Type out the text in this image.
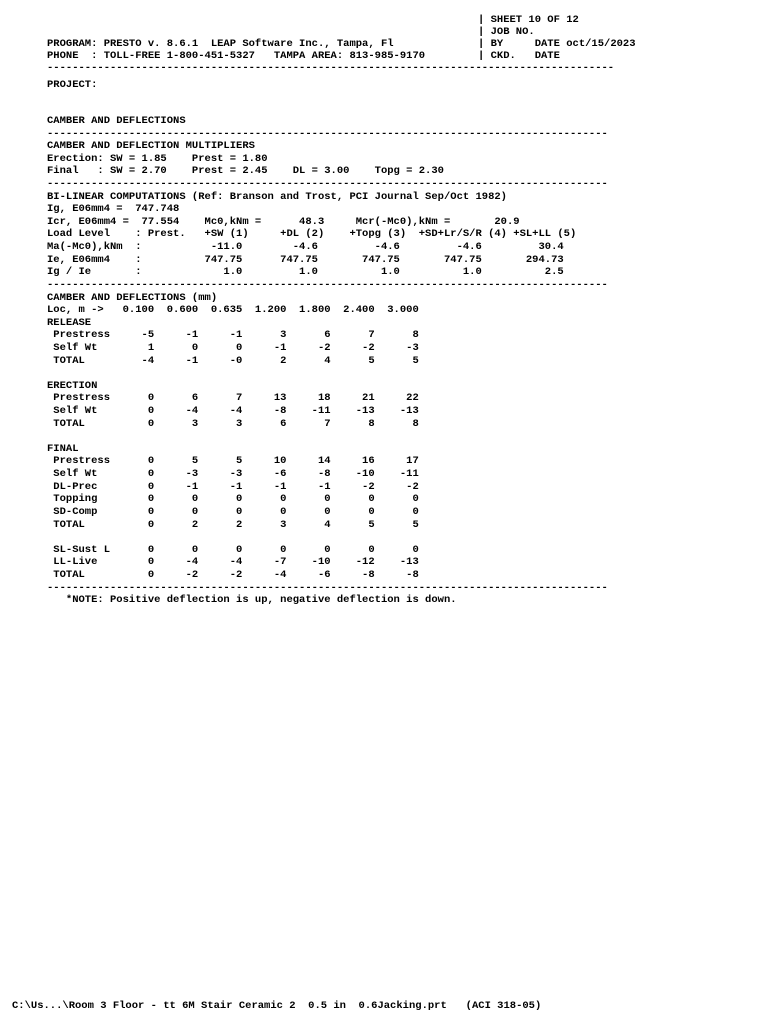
PROGRAM: PRESTO v. 8.6.1  LEAP Software Inc., Tampa, Fl
PHONE  : TOLL-FREE 1-800-451-5327   TAMPA AREA: 813-985-9170
------------------------------------------------------------------------------------------
| SHEET 10 OF 12
| JOB NO.
| BY     DATE oct/15/2023
| CKD.   DATE
PROJECT:
CAMBER AND DEFLECTIONS
-----------------------------------------------------------------------------------------
CAMBER AND DEFLECTION MULTIPLIERS
Erection: SW = 1.85    Prest = 1.80
Final   : SW = 2.70    Prest = 2.45    DL = 3.00    Topg = 2.30
-----------------------------------------------------------------------------------------
BI-LINEAR COMPUTATIONS (Ref: Branson and Trost, PCI Journal Sep/Oct 1982)
Ig, E06mm4 =  747.748
Icr, E06mm4 =  77.554    Mc0,kNm =      48.3     Mcr(-Mc0),kNm =       20.9
Load Level    : Prest.   +SW (1)     +DL (2)    +Topg (3)  +SD+Lr/S/R (4) +SL+LL (5)
Ma(-Mc0),kNm  :           -11.0        -4.6         -4.6         -4.6         30.4
Ie, E06mm4    :          747.75      747.75       747.75       747.75       294.73
Ig / Ie       :             1.0         1.0          1.0          1.0          2.5
-----------------------------------------------------------------------------------------
CAMBER AND DEFLECTIONS (mm)
Loc, m ->   0.100  0.600  0.635  1.200  1.800  2.400  3.000
RELEASE
Prestress     -5     -1     -1      3      6      7      8
Self Wt        1      0      0     -1     -2     -2     -3
TOTAL         -4     -1     -0      2      4      5      5
ERECTION
Prestress      0      6      7     13     18     21     22
Self Wt        0     -4     -4     -8    -11    -13    -13
TOTAL          0      3      3      6      7      8      8
FINAL
Prestress      0      5      5     10     14     16     17
Self Wt        0     -3     -3     -6     -8    -10    -11
DL-Prec        0     -1     -1     -1     -1     -2     -2
Topping        0      0      0      0      0      0      0
SD-Comp        0      0      0      0      0      0      0
TOTAL          0      2      2      3      4      5      5
SL-Sust L      0      0      0      0      0      0      0
LL-Live        0     -4     -4     -7    -10    -12    -13
TOTAL          0     -2     -2     -4     -6     -8     -8
-----------------------------------------------------------------------------------------
*NOTE: Positive deflection is up, negative deflection is down.
C:\Us...\Room 3 Floor - tt 6M Stair Ceramic 2  0.5 in  0.6Jacking.prt   (ACI 318-05)
